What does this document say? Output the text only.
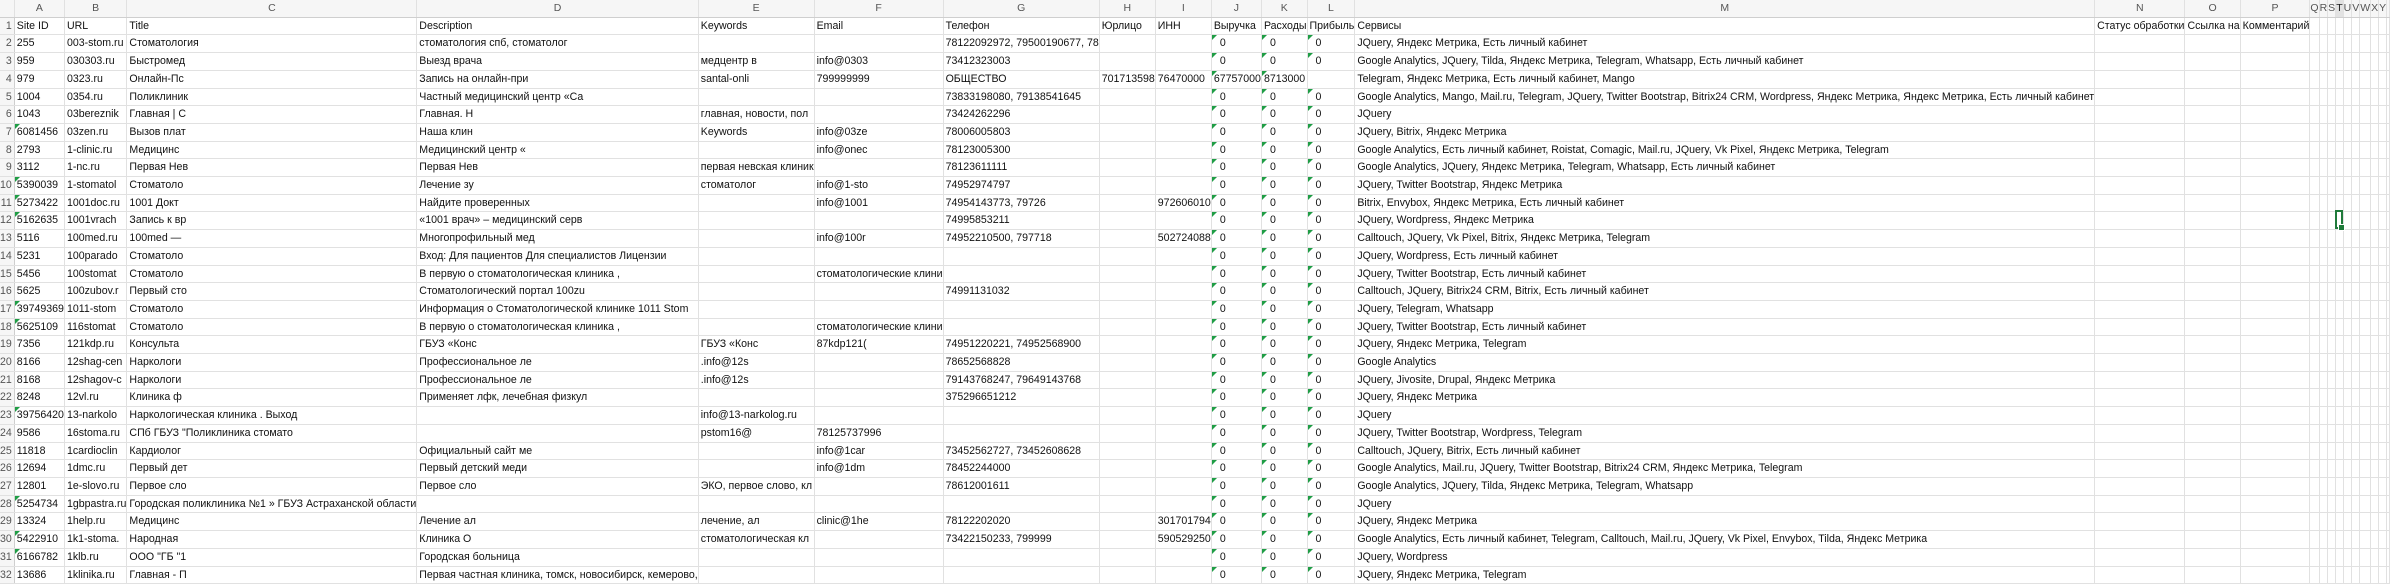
	A	B	C	D	E	F	G	H	I	J	K	L	M	N	O	P	Q	R	S	T	U	V	W	X	Y	
1	Site ID	URL	Title	Description	Keywords	Email	Телефон	Юрлицо	ИНН	Выручка	Расходы	Прибыль	Сервисы	Статус обработки	Ссылка на	Комментарий										
2	255	003-stom.ru	Стоматология	стоматология спб, стоматолог			78122092972, 79500190677, 78			0	0	0	JQuery, Яндекс Метрика, Есть личный кабинет													
3	959	030303.ru	Быстромед	Выезд врача	медцентр в	info@0303	73412323003			0	0	0	Google Analytics, JQuery, Tilda, Яндекс Метрика, Telegram, Whatsapp, Есть личный кабинет													
4	979	0323.ru	Онлайн-Пс	Запись на онлайн-при	santal-onli	799999999	ОБЩЕСТВО	701713598	76470000	67757000	8713000		Telegram, Яндекс Метрика, Есть личный кабинет, Mango													
5	1004	0354.ru	Поликлиник	Частный медицинский центр «Са			73833198080, 79138541645			0	0	0	Google Analytics, Mango, Mail.ru, Telegram, JQuery, Twitter Bootstrap, Bitrix24 CRM, Wordpress, Яндекс Метрика, Яндекс Метрика, Есть личный кабинет													
6	1043	03bereznik	Главная | С	Главная. Н	главная, новости, пол		73424262296			0	0	0	JQuery													
7	6081456	03zen.ru	Вызов плат	Наша клин	Keywords	info@03ze	78006005803			0	0	0	JQuery, Bitrix, Яндекс Метрика													
8	2793	1-clinic.ru	Медицинс	Медицинский центр «		info@onec	78123005300			0	0	0	Google Analytics, Есть личный кабинет, Roistat, Comagic, Mail.ru, JQuery, Vk Pixel, Яндекс Метрика, Telegram													
9	3112	1-nc.ru	Первая Нев	Первая Нев	первая невская клиник		78123611111			0	0	0	Google Analytics, JQuery, Яндекс Метрика, Telegram, Whatsapp, Есть личный кабинет													
10	5390039	1-stomatol	Стоматоло	Лечение зу	стоматолог	info@1-sto	74952974797			0	0	0	JQuery, Twitter Bootstrap, Яндекс Метрика													
11	5273422	1001doc.ru	1001 Докт	Найдите проверенных		info@1001	74954143773, 79726		972606010	0	0	0	Bitrix, Envybox, Яндекс Метрика, Есть личный кабинет													
12	5162635	1001vrach	Запись к вр	«1001 врач» – медицинский серв			74995853211			0	0	0	JQuery, Wordpress, Яндекс Метрика													
13	5116	100med.ru	100med —	Многопрофильный мед		info@100r	74952210500, 797718		502724088	0	0	0	Calltouch, JQuery, Vk Pixel, Bitrix, Яндекс Метрика, Telegram													
14	5231	100parado	Стоматоло	Вход: Для пациентов Для специалистов Лицензии						0	0	0	JQuery, Wordpress, Есть личный кабинет													
15	5456	100stomat	Стоматоло	В первую о стоматологическая клиника ,		стоматологические клини				0	0	0	JQuery, Twitter Bootstrap, Есть личный кабинет													
16	5625	100zubov.r	Первый сто	Стоматологический портал 100zu			74991131032			0	0	0	Calltouch, JQuery, Bitrix24 CRM, Bitrix, Есть личный кабинет													
17	39749369	1011-stom	Стоматоло	Информация о Стоматологической клинике 1011 Stom						0	0	0	JQuery, Telegram, Whatsapp													
18	5625109	116stomat	Стоматоло	В первую о стоматологическая клиника ,		стоматологические клини				0	0	0	JQuery, Twitter Bootstrap, Есть личный кабинет													
19	7356	121kdp.ru	Консульта	ГБУЗ «Конс	ГБУЗ «Конс	87kdp121(	74951220221, 74952568900			0	0	0	JQuery, Яндекс Метрика, Telegram													
20	8166	12shag-cen	Наркологи	Профессиональное ле	.info@12s		78652568828			0	0	0	Google Analytics													
21	8168	12shagov-c	Наркологи	Профессиональное ле	.info@12s		79143768247, 79649143768			0	0	0	JQuery, Jivosite, Drupal, Яндекс Метрика													
22	8248	12vl.ru	Клиника ф	Применяет лфк, лечебная физкул			375296651212			0	0	0	JQuery, Яндекс Метрика													
23	39756420	13-narkolo	Наркологическая клиника . Выход		info@13-narkolog.ru					0	0	0	JQuery													
24	9586	16stoma.ru	СПб ГБУЗ "Поликлиника стомато		pstom16@	78125737996				0	0	0	JQuery, Twitter Bootstrap, Wordpress, Telegram													
25	11818	1cardioclin	Кардиолог	Официальный сайт ме		info@1car	73452562727, 73452608628			0	0	0	Calltouch, JQuery, Bitrix, Есть личный кабинет													
26	12694	1dmc.ru	Первый дет	Первый детский меди		info@1dm	78452244000			0	0	0	Google Analytics, Mail.ru, JQuery, Twitter Bootstrap, Bitrix24 CRM, Яндекс Метрика, Telegram													
27	12801	1e-slovo.ru	Первое сло	Первое сло	ЭКО, первое слово, кл		78612001611			0	0	0	Google Analytics, JQuery, Tilda, Яндекс Метрика, Telegram, Whatsapp													
28	5254734	1gbpastra.ru	Городская поликлиника №1 » ГБУЗ Астраханской области							0	0	0	JQuery													
29	13324	1help.ru	Медицинс	Лечение ал	лечение, ал	clinic@1he	78122202020		301701794	0	0	0	JQuery, Яндекс Метрика													
30	5422910	1k1-stoma.	Народная	Клиника О	стоматологическая кл		73422150233, 799999		590529250	0	0	0	Google Analytics, Есть личный кабинет, Telegram, Calltouch, Mail.ru, JQuery, Vk Pixel, Envybox, Tilda, Яндекс Метрика													
31	6166782	1klb.ru	ООО "ГБ "1	Городская больница						0	0	0	JQuery, Wordpress													
32	13686	1klinika.ru	Главная - П	Первая частная клиника, томск, новосибирск, кемерово,						0	0	0	JQuery, Яндекс Метрика, Telegram													
